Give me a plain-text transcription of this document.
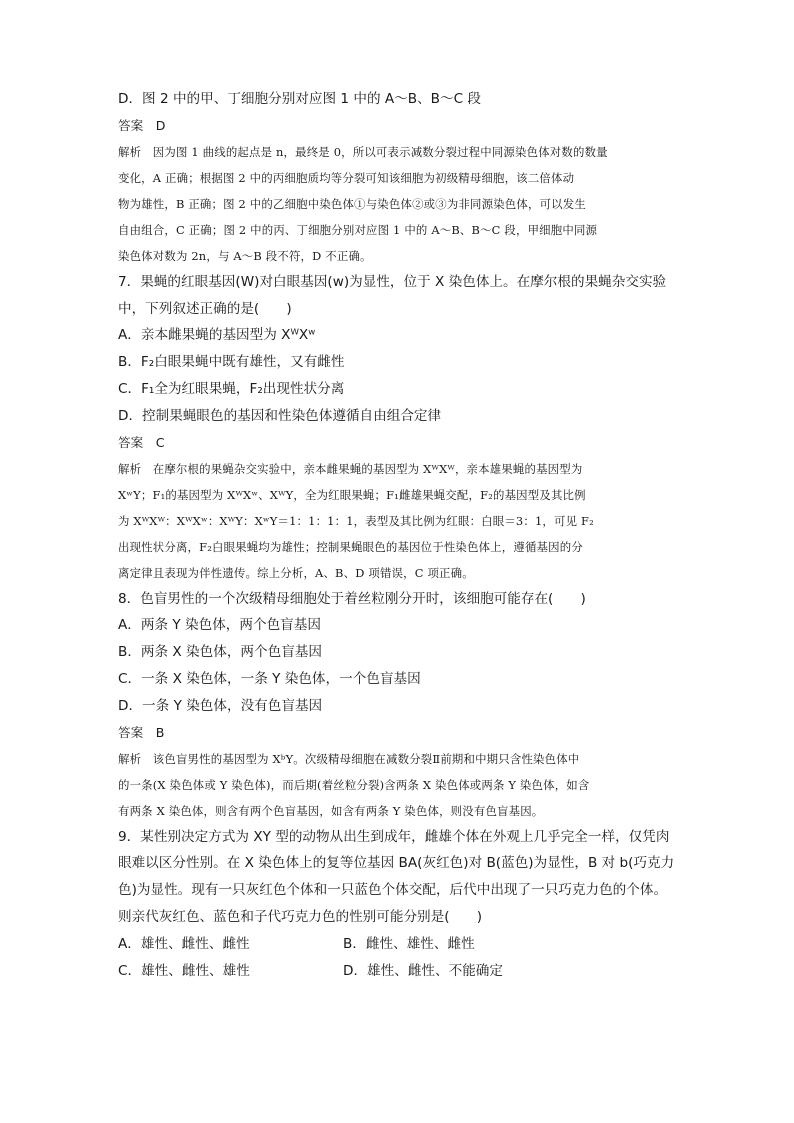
D．图 2 中的甲、丁细胞分别对应图 1 中的 A～B、B～C 段

答案　D

解析　因为图 1 曲线的起点是 n，最终是 0，所以可表示减数分裂过程中同源染色体对数的数量

变化，A 正确；根据图 2 中的丙细胞质均等分裂可知该细胞为初级精母细胞，该二倍体动

物为雄性，B 正确；图 2 中的乙细胞中染色体①与染色体②或③为非同源染色体，可以发生

自由组合，C 正确；图 2 中的丙、丁细胞分别对应图 1 中的 A～B、B～C 段，甲细胞中同源

染色体对数为 2n，与 A～B 段不符，D 不正确。

7．果蝇的红眼基因(W)对白眼基因(w)为显性，位于 X 染色体上。在摩尔根的果蝇杂交实验

中，下列叙述正确的是(　　)

A．亲本雌果蝇的基因型为 XᵂXʷ

B．F₂白眼果蝇中既有雄性，又有雌性

C．F₁全为红眼果蝇，F₂出现性状分离

D．控制果蝇眼色的基因和性染色体遵循自由组合定律

答案　C

解析　在摩尔根的果蝇杂交实验中，亲本雌果蝇的基因型为 XᵂXᵂ，亲本雄果蝇的基因型为

XʷY；F₁的基因型为 XᵂXʷ、XᵂY，全为红眼果蝇；F₁雌雄果蝇交配，F₂的基因型及其比例

为 XᵂXᵂ：XᵂXʷ：XᵂY：XʷY＝1：1：1：1，表型及其比例为红眼：白眼＝3：1，可见 F₂

出现性状分离，F₂白眼果蝇均为雄性；控制果蝇眼色的基因位于性染色体上，遵循基因的分

离定律且表现为伴性遗传。综上分析，A、B、D 项错误，C 项正确。

8．色盲男性的一个次级精母细胞处于着丝粒刚分开时，该细胞可能存在(　　)

A．两条 Y 染色体，两个色盲基因

B．两条 X 染色体，两个色盲基因

C．一条 X 染色体，一条 Y 染色体，一个色盲基因

D．一条 Y 染色体，没有色盲基因

答案　B

解析　该色盲男性的基因型为 XᵇY。次级精母细胞在减数分裂Ⅱ前期和中期只含性染色体中

的一条(X 染色体或 Y 染色体)，而后期(着丝粒分裂)含两条 X 染色体或两条 Y 染色体，如含

有两条 X 染色体，则含有两个色盲基因，如含有两条 Y 染色体，则没有色盲基因。

9．某性别决定方式为 XY 型的动物从出生到成年，雌雄个体在外观上几乎完全一样，仅凭肉

眼难以区分性别。在 X 染色体上的复等位基因 BA(灰红色)对 B(蓝色)为显性，B 对 b(巧克力

色)为显性。现有一只灰红色个体和一只蓝色个体交配，后代中出现了一只巧克力色的个体。

则亲代灰红色、蓝色和子代巧克力色的性别可能分别是(　　)

A．雄性、雌性、雌性	B．雌性、雄性、雌性

C．雄性、雌性、雄性	D．雄性、雌性、不能确定
